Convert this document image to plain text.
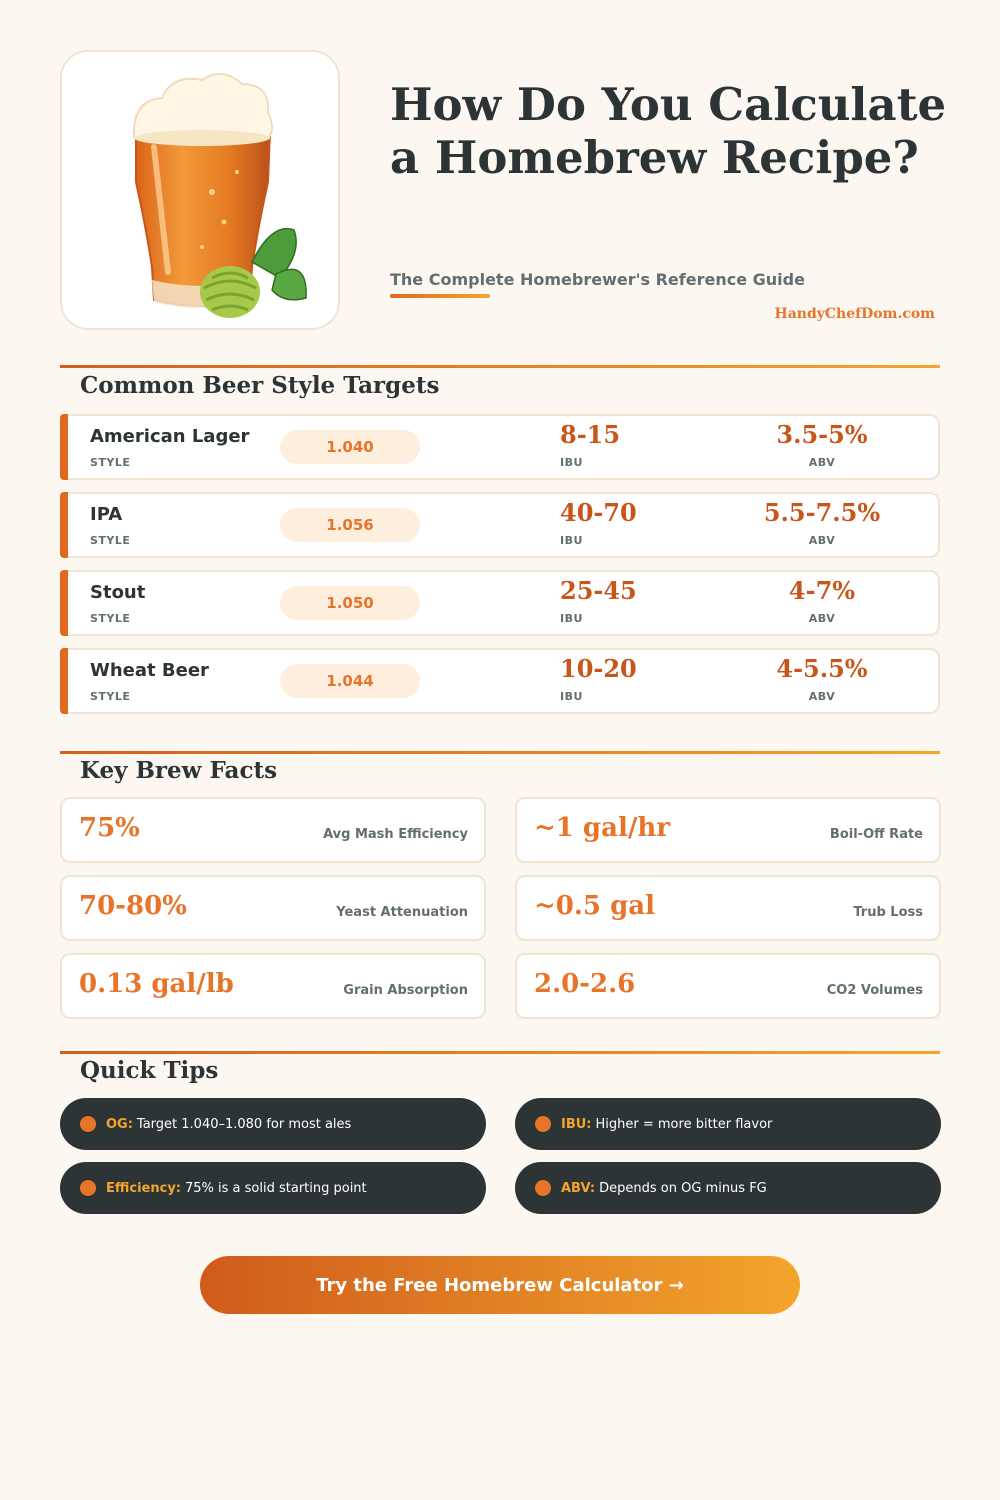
How Do You Calculate a Homebrew Recipe?
The Complete Homebrewer's Reference Guide
HandyChefDom.com
Common Beer Style Targets
American Lager
STYLE
1.040	8-15
IBU
3.5-5%
ABV
IPA
STYLE
1.056	40-70
IBU
5.5-7.5%
ABV
Stout
STYLE
1.050	25-45
IBU
4-7%
ABV
Wheat Beer
STYLE
1.044	10-20
IBU
4-5.5%
ABV
Key Brew Facts
75%	Avg Mash Efficiency	~1 gal/hr	Boil-Off Rate
70-80%	Yeast Attenuation	~0.5 gal	Trub Loss
0.13 gal/lb	Grain Absorption	2.0-2.6	CO2 Volumes
Quick Tips
OG: Target 1.040–1.080 for most ales	IBU: Higher = more bitter flavor
Efficiency: 75% is a solid starting point	ABV: Depends on OG minus FG
Try the Free Homebrew Calculator →
